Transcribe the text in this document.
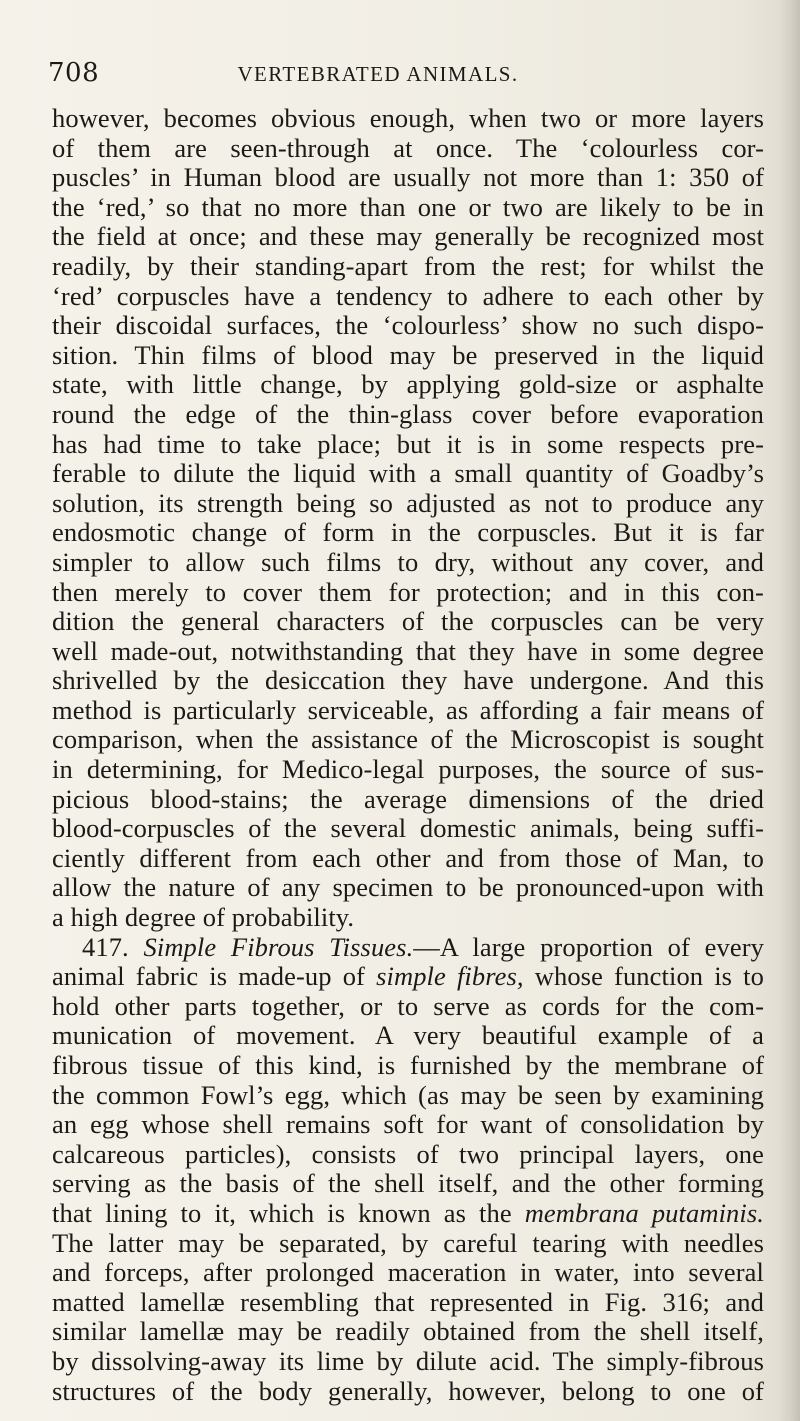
708	VERTEBRATED ANIMALS.
however, becomes obvious enough, when two or more layers
of them are seen-through at once. The ‘colourless cor-
puscles’ in Human blood are usually not more than 1: 350 of
the ‘red,’ so that no more than one or two are likely to be in
the field at once; and these may generally be recognized most
readily, by their standing-apart from the rest; for whilst the
‘red’ corpuscles have a tendency to adhere to each other by
their discoidal surfaces, the ‘colourless’ show no such dispo-
sition. Thin films of blood may be preserved in the liquid
state, with little change, by applying gold-size or asphalte
round the edge of the thin-glass cover before evaporation
has had time to take place; but it is in some respects pre-
ferable to dilute the liquid with a small quantity of Goadby’s
solution, its strength being so adjusted as not to produce any
endosmotic change of form in the corpuscles. But it is far
simpler to allow such films to dry, without any cover, and
then merely to cover them for protection; and in this con-
dition the general characters of the corpuscles can be very
well made-out, notwithstanding that they have in some degree
shrivelled by the desiccation they have undergone. And this
method is particularly serviceable, as affording a fair means of
comparison, when the assistance of the Microscopist is sought
in determining, for Medico-legal purposes, the source of sus-
picious blood-stains; the average dimensions of the dried
blood-corpuscles of the several domestic animals, being suffi-
ciently different from each other and from those of Man, to
allow the nature of any specimen to be pronounced-upon with
a high degree of probability.
417. Simple Fibrous Tissues.—A large proportion of every
animal fabric is made-up of simple fibres, whose function is to
hold other parts together, or to serve as cords for the com-
munication of movement. A very beautiful example of a
fibrous tissue of this kind, is furnished by the membrane of
the common Fowl’s egg, which (as may be seen by examining
an egg whose shell remains soft for want of consolidation by
calcareous particles), consists of two principal layers, one
serving as the basis of the shell itself, and the other forming
that lining to it, which is known as the membrana putaminis.
The latter may be separated, by careful tearing with needles
and forceps, after prolonged maceration in water, into several
matted lamellæ resembling that represented in Fig. 316; and
similar lamellæ may be readily obtained from the shell itself,
by dissolving-away its lime by dilute acid. The simply-fibrous
structures of the body generally, however, belong to one of
